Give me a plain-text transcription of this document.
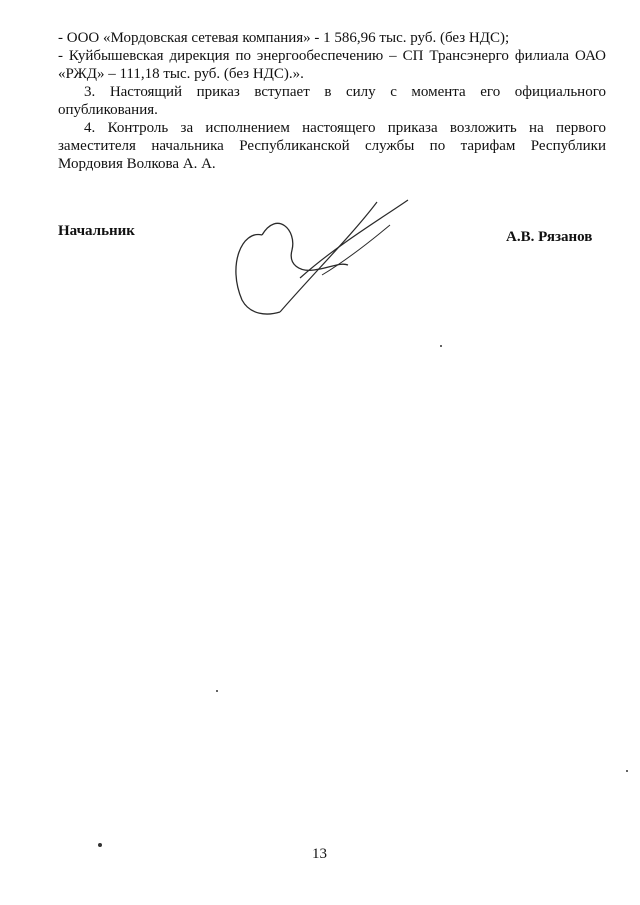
- ООО «Мордовская сетевая компания» - 1 586,96 тыс. руб. (без НДС);
- Куйбышевская дирекция по энергообеспечению – СП Трансэнерго филиала ОАО
«РЖД» – 111,18 тыс. руб. (без НДС).».
3. Настоящий приказ вступает в силу с момента его официального
опубликования.
4. Контроль за исполнением настоящего приказа возложить на первого
заместителя начальника Республиканской службы по тарифам Республики
Мордовия Волкова А. А.
Начальник	А.В. Рязанов
13
